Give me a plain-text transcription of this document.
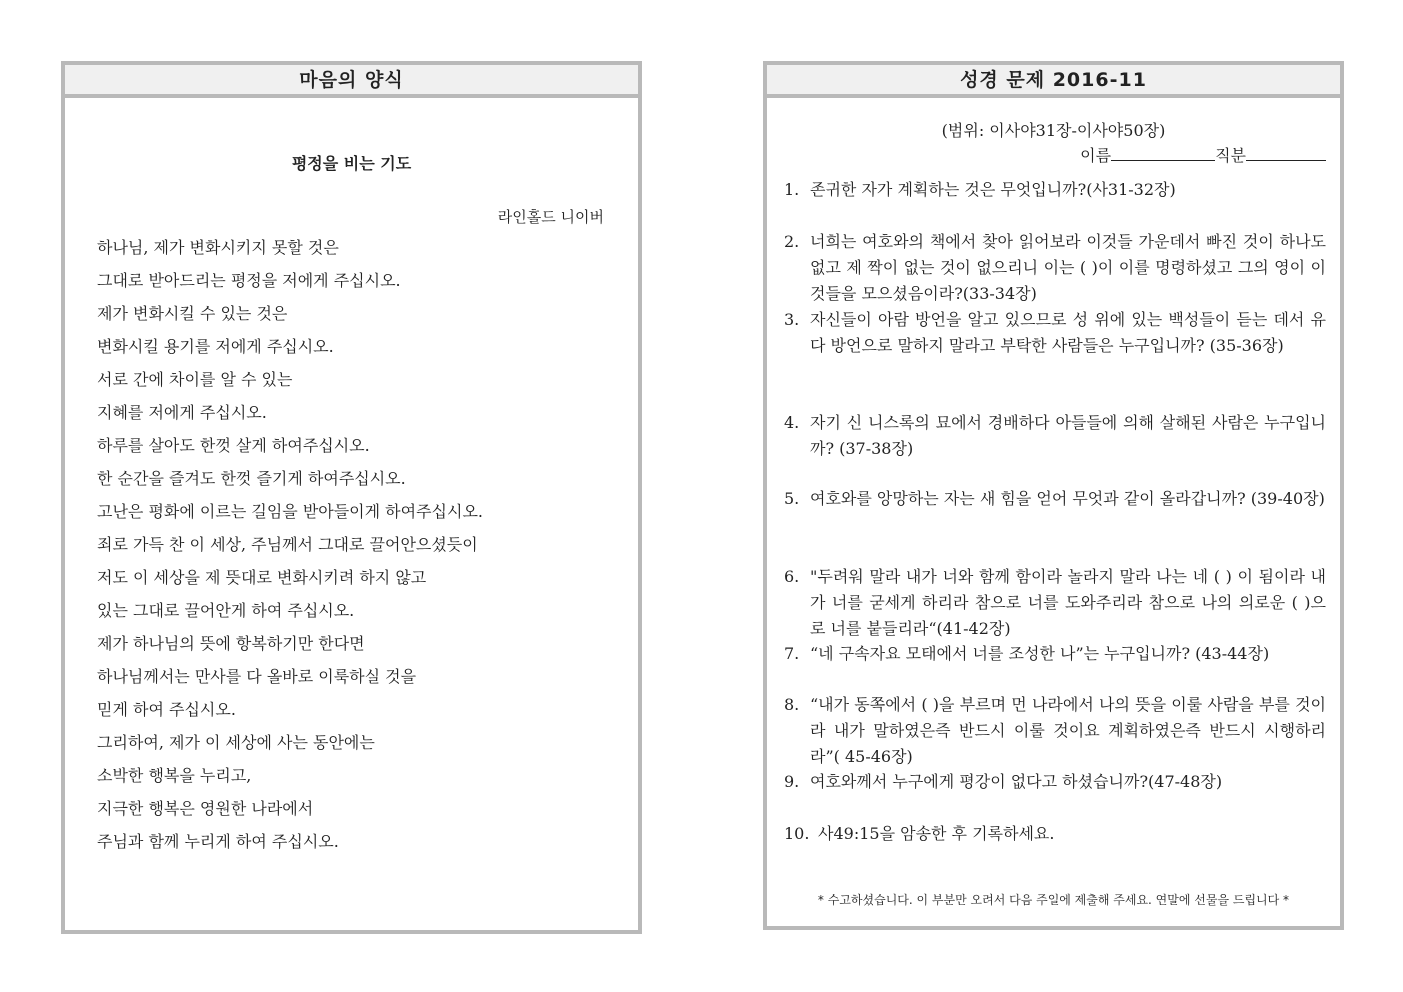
마음의 양식
평정을 비는 기도
라인홀드 니이버
하나님, 제가 변화시키지 못할 것은
그대로 받아드리는 평정을 저에게 주십시오.
제가 변화시킬 수 있는 것은
변화시킬 용기를 저에게 주십시오.
서로 간에 차이를 알 수 있는
지혜를 저에게 주십시오.
하루를 살아도 한껏 살게 하여주십시오.
한 순간을 즐겨도 한껏 즐기게 하여주십시오.
고난은 평화에 이르는 길임을 받아들이게 하여주십시오.
죄로 가득 찬 이 세상, 주님께서 그대로 끌어안으셨듯이
저도 이 세상을 제 뜻대로 변화시키려 하지 않고
있는 그대로 끌어안게 하여 주십시오.
제가 하나님의 뜻에 항복하기만 한다면
하나님께서는 만사를 다 올바로 이룩하실 것을
믿게 하여 주십시오.
그리하여, 제가 이 세상에 사는 동안에는
소박한 행복을 누리고,
지극한 행복은 영원한 나라에서
주님과 함께 누리게 하여 주십시오.
성경 문제 2016-11
(범위: 이사야31장-이사야50장)
이름	직분
1. 존귀한 자가 계획하는 것은 무엇입니까?(사31-32장)
2. 너희는 여호와의 책에서 찾아 읽어보라 이것들 가운데서 빠진 것이 하나도 없고 제 짝이 없는 것이 없으리니 이는 ( )이 이를 명령하셨고 그의 영이 이것들을 모으셨음이라?(33-34장)
3. 자신들이 아람 방언을 알고 있으므로 성 위에 있는 백성들이 듣는 데서 유다 방언으로 말하지 말라고 부탁한 사람들은 누구입니까? (35-36장)
4. 자기 신 니스록의 묘에서 경배하다 아들들에 의해 살해된 사람은 누구입니까? (37-38장)
5. 여호와를 앙망하는 자는 새 힘을 얻어 무엇과 같이 올라갑니까? (39-40장)
6. "두려워 말라 내가 너와 함께 함이라 놀라지 말라 나는 네 ( ) 이 됨이라 내가 너를 굳세게 하리라 참으로 너를 도와주리라 참으로 나의 의로운 ( )으로 너를 붙들리라“(41-42장)
7. “네 구속자요 모태에서 너를 조성한 나”는 누구입니까? (43-44장)
8. “내가 동쪽에서 ( )을 부르며 먼 나라에서 나의 뜻을 이룰 사람을 부를 것이라 내가 말하였은즉 반드시 이룰 것이요 계획하였은즉 반드시 시행하리라”( 45-46장)
9. 여호와께서 누구에게 평강이 없다고 하셨습니까?(47-48장)
10. 사49:15을 암송한 후 기록하세요.
* 수고하셨습니다. 이 부분만 오려서 다음 주일에 제출해 주세요. 연말에 선물을 드립니다 *
